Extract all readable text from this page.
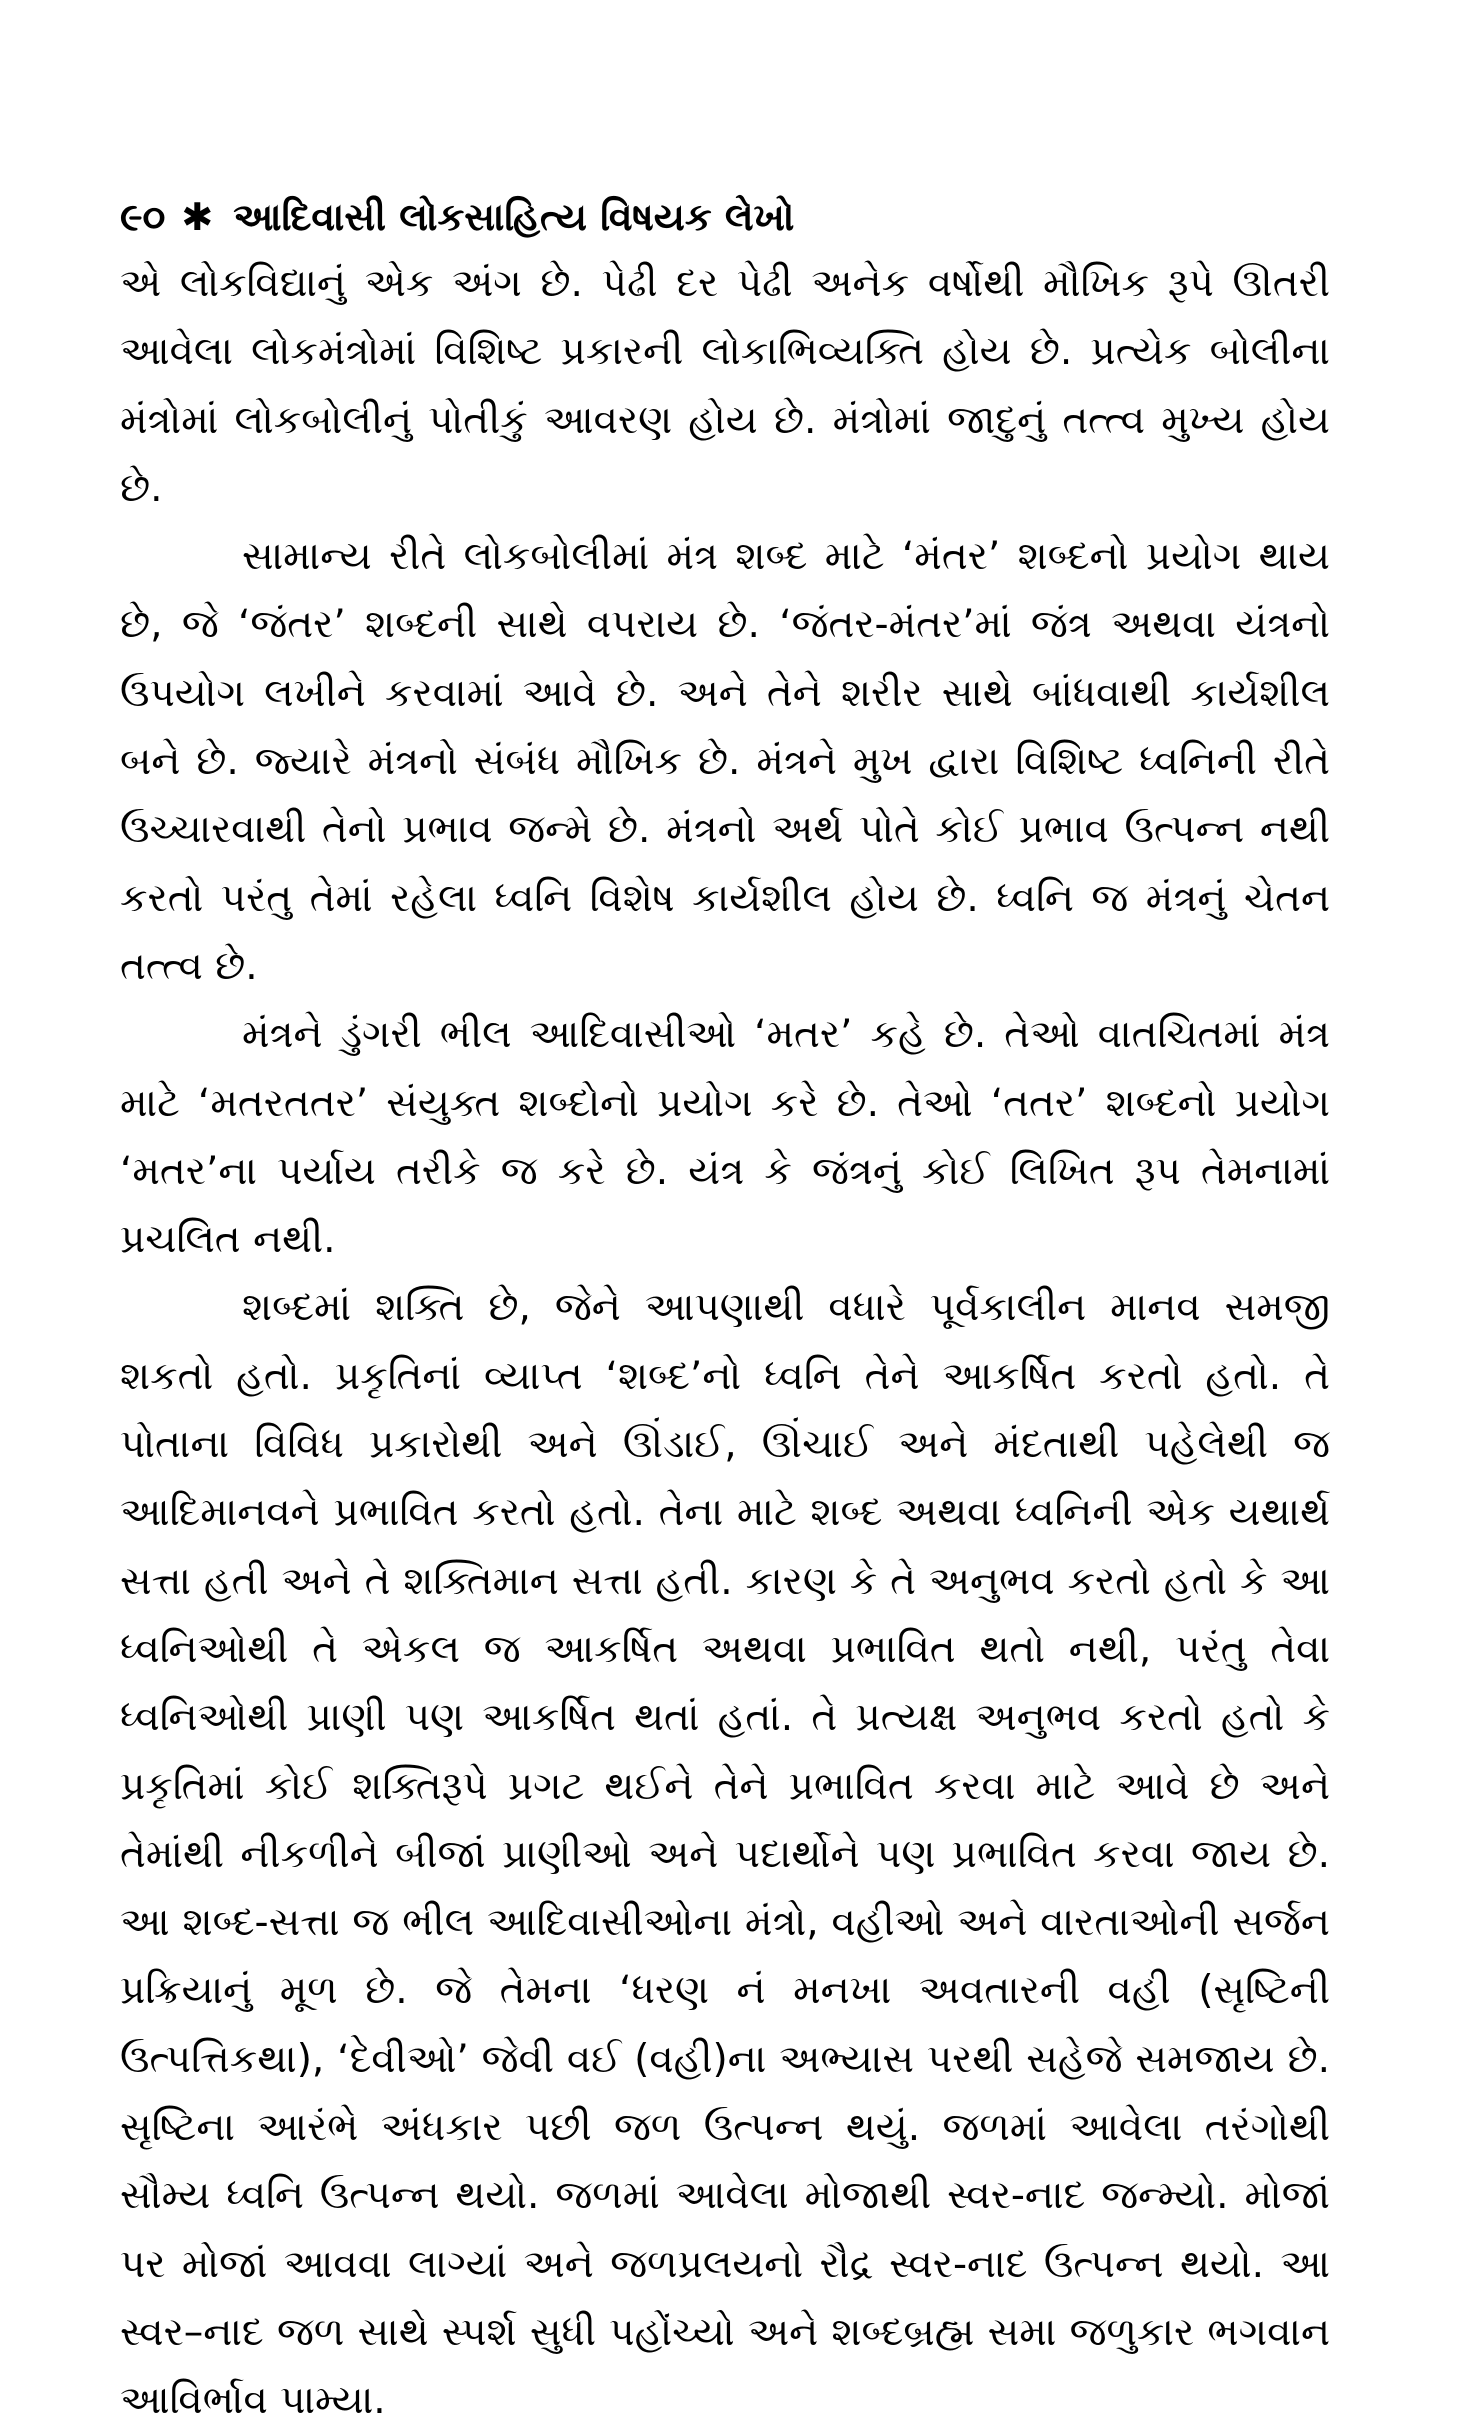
૯૦ ✱ આદિવાસી લોકસાહિત્ય વિષયક લેખો

એ લોકવિદ્યાનું એક અંગ છે. પેઢી દર પેઢી અનેક વર્ષોથી મૌખિક રૂપે ઊતરી આવેલા લોકમંત્રોમાં વિશિષ્ટ પ્રકારની લોકાભિવ્યક્તિ હોય છે. પ્રત્યેક બોલીના મંત્રોમાં લોકબોલીનું પોતીકું આવરણ હોય છે. મંત્રોમાં જાદુનું તત્ત્વ મુખ્ય હોય છે.

સામાન્ય રીતે લોકબોલીમાં મંત્ર શબ્દ માટે ‘મંતર’ શબ્દનો પ્રયોગ થાય છે, જે ‘જંતર’ શબ્દની સાથે વપરાય છે. ‘જંતર-મંતર’માં જંત્ર અથવા યંત્રનો ઉપયોગ લખીને કરવામાં આવે છે. અને તેને શરીર સાથે બાંધવાથી કાર્યશીલ બને છે. જ્યારે મંત્રનો સંબંધ મૌખિક છે. મંત્રને મુખ દ્વારા વિશિષ્ટ ધ્વનિની રીતે ઉચ્ચારવાથી તેનો પ્રભાવ જન્મે છે. મંત્રનો અર્થ પોતે કોઈ પ્રભાવ ઉત્પન્ન નથી કરતો પરંતુ તેમાં રહેલા ધ્વનિ વિશેષ કાર્યશીલ હોય છે. ધ્વનિ જ મંત્રનું ચેતન તત્ત્વ છે.

મંત્રને ડુંગરી ભીલ આદિવાસીઓ ‘મતર’ કહે છે. તેઓ વાતચિતમાં મંત્ર માટે ‘મતરતતર’ સંયુક્ત શબ્દોનો પ્રયોગ કરે છે. તેઓ ‘તતર’ શબ્દનો પ્રયોગ ‘મતર’ના પર્યાય તરીકે જ કરે છે. યંત્ર કે જંત્રનું કોઈ લિખિત રૂપ તેમનામાં પ્રચલિત નથી.

શબ્દમાં શક્તિ છે, જેને આપણાથી વધારે પૂર્વકાલીન માનવ સમજી શકતો હતો. પ્રકૃતિનાં વ્યાપ્ત ‘શબ્દ’નો ધ્વનિ તેને આકર્ષિત કરતો હતો. તે પોતાના વિવિધ પ્રકારોથી અને ઊંડાઈ, ઊંચાઈ અને મંદતાથી પહેલેથી જ આદિમાનવને પ્રભાવિત કરતો હતો. તેના માટે શબ્દ અથવા ધ્વનિની એક યથાર્થ સત્તા હતી અને તે શક્તિમાન સત્તા હતી. કારણ કે તે અનુભવ કરતો હતો કે આ ધ્વનિઓથી તે એકલ જ આકર્ષિત અથવા પ્રભાવિત થતો નથી, પરંતુ તેવા ધ્વનિઓથી પ્રાણી પણ આકર્ષિત થતાં હતાં. તે પ્રત્યક્ષ અનુભવ કરતો હતો કે પ્રકૃતિમાં કોઈ શક્તિરૂપે પ્રગટ થઈને તેને પ્રભાવિત કરવા માટે આવે છે અને તેમાંથી નીકળીને બીજાં પ્રાણીઓ અને પદાર્થોને પણ પ્રભાવિત કરવા જાય છે. આ શબ્દ-સત્તા જ ભીલ આદિવાસીઓના મંત્રો, વહીઓ અને વારતાઓની સર્જન પ્રક્રિયાનું મૂળ છે. જે તેમના ‘ધરણ નં મનખા અવતારની વહી (સૃષ્ટિની ઉત્પત્તિકથા), ‘દેવીઓ’ જેવી વઈ (વહી)ના અભ્યાસ પરથી સહેજે સમજાય છે. સૃષ્ટિના આરંભે અંધકાર પછી જળ ઉત્પન્ન થયું. જળમાં આવેલા તરંગોથી સૌમ્ય ધ્વનિ ઉત્પન્ન થયો. જળમાં આવેલા મોજાથી સ્વર-નાદ જન્મ્યો. મોજાં પર મોજાં આવવા લાગ્યાં અને જળપ્રલયનો રૌદ્ર સ્વર-નાદ ઉત્પન્ન થયો. આ સ્વર–નાદ જળ સાથે સ્પર્શ સુધી પહોંચ્યો અને શબ્દબ્રહ્મ સમા જળુકાર ભગવાન આવિર્ભાવ પામ્યા.
